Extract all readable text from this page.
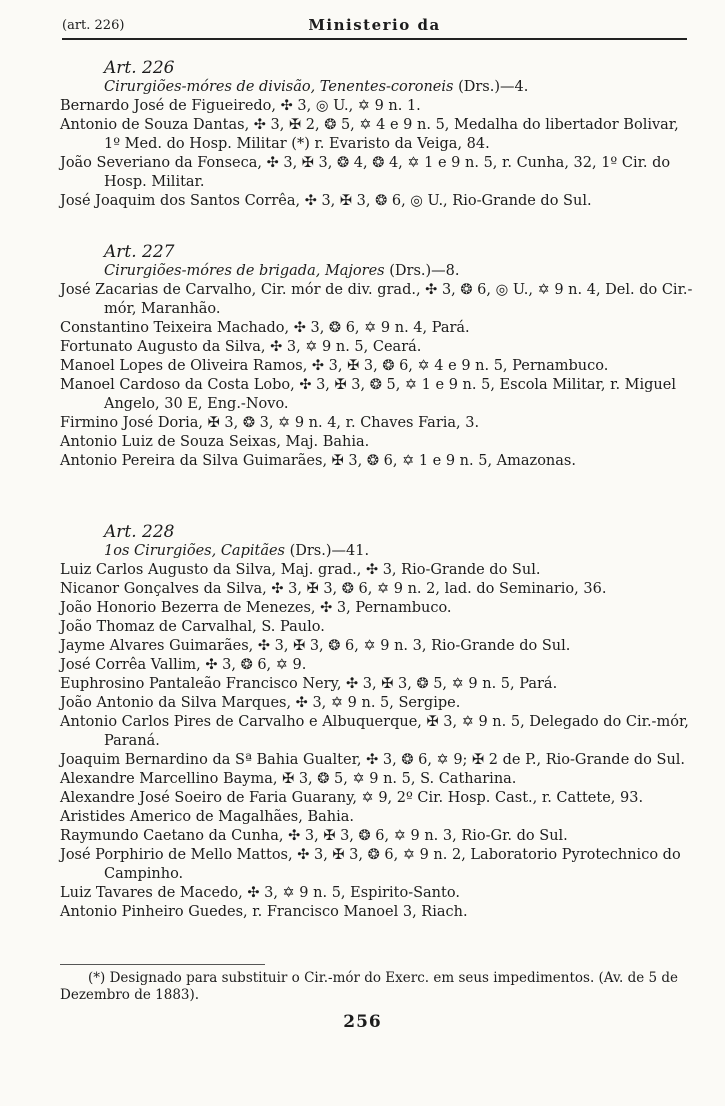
(art. 226)	Ministerio da
Art. 226
Cirurgiões-móres de divisão, Tenentes-coroneis (Drs.)—4.
Bernardo José de Figueiredo, ✣ 3, ◎ U., ✡ 9 n. 1.
Antonio de Souza Dantas, ✣ 3, ✠ 2, ❂ 5, ✡ 4 e 9 n. 5, Medalha do libertador Bolivar, 1º Med. do Hosp. Militar (*) r. Evaristo da Veiga, 84.
João Severiano da Fonseca, ✣ 3, ✠ 3, ❂ 4, ❂ 4, ✡ 1 e 9 n. 5, r. Cunha, 32, 1º Cir. do Hosp. Militar.
José Joaquim dos Santos Corrêa, ✣ 3, ✠ 3, ❂ 6, ◎ U., Rio-Grande do Sul.
Art. 227
Cirurgiões-móres de brigada, Majores (Drs.)—8.
José Zacarias de Carvalho, Cir. mór de div. grad., ✣ 3, ❂ 6, ◎ U., ✡ 9 n. 4, Del. do Cir.-mór, Maranhão.
Constantino Teixeira Machado, ✣ 3, ❂ 6, ✡ 9 n. 4, Pará.
Fortunato Augusto da Silva, ✣ 3, ✡ 9 n. 5, Ceará.
Manoel Lopes de Oliveira Ramos, ✣ 3, ✠ 3, ❂ 6, ✡ 4 e 9 n. 5, Pernambuco.
Manoel Cardoso da Costa Lobo, ✣ 3, ✠ 3, ❂ 5, ✡ 1 e 9 n. 5, Escola Militar, r. Miguel Angelo, 30 E, Eng.-Novo.
Firmino José Doria, ✠ 3, ❂ 3, ✡ 9 n. 4, r. Chaves Faria, 3.
Antonio Luiz de Souza Seixas, Maj. Bahia.
Antonio Pereira da Silva Guimarães, ✠ 3, ❂ 6, ✡ 1 e 9 n. 5, Amazonas.
Art. 228
1os Cirurgiões, Capitães (Drs.)—41.
Luiz Carlos Augusto da Silva, Maj. grad., ✣ 3, Rio-Grande do Sul.
Nicanor Gonçalves da Silva, ✣ 3, ✠ 3, ❂ 6, ✡ 9 n. 2, lad. do Seminario, 36.
João Honorio Bezerra de Menezes, ✣ 3, Pernambuco.
João Thomaz de Carvalhal, S. Paulo.
Jayme Alvares Guimarães, ✣ 3, ✠ 3, ❂ 6, ✡ 9 n. 3, Rio-Grande do Sul.
José Corrêa Vallim, ✣ 3, ❂ 6, ✡ 9.
Euphrosino Pantaleão Francisco Nery, ✣ 3, ✠ 3, ❂ 5, ✡ 9 n. 5, Pará.
João Antonio da Silva Marques, ✣ 3, ✡ 9 n. 5, Sergipe.
Antonio Carlos Pires de Carvalho e Albuquerque, ✠ 3, ✡ 9 n. 5, Delegado do Cir.-mór, Paraná.
Joaquim Bernardino da Sª Bahia Gualter, ✣ 3, ❂ 6, ✡ 9; ✠ 2 de P., Rio-Grande do Sul.
Alexandre Marcellino Bayma, ✠ 3, ❂ 5, ✡ 9 n. 5, S. Catharina.
Alexandre José Soeiro de Faria Guarany, ✡ 9, 2º Cir. Hosp. Cast., r. Cattete, 93.
Aristides Americo de Magalhães, Bahia.
Raymundo Caetano da Cunha, ✣ 3, ✠ 3, ❂ 6, ✡ 9 n. 3, Rio-Gr. do Sul.
José Porphirio de Mello Mattos, ✣ 3, ✠ 3, ❂ 6, ✡ 9 n. 2, Laboratorio Pyrotechnico do Campinho.
Luiz Tavares de Macedo, ✣ 3, ✡ 9 n. 5, Espirito-Santo.
Antonio Pinheiro Guedes, r. Francisco Manoel 3, Riach.
(*) Designado para substituir o Cir.-mór do Exerc. em seus impedimentos. (Av. de 5 de Dezembro de 1883).
256
